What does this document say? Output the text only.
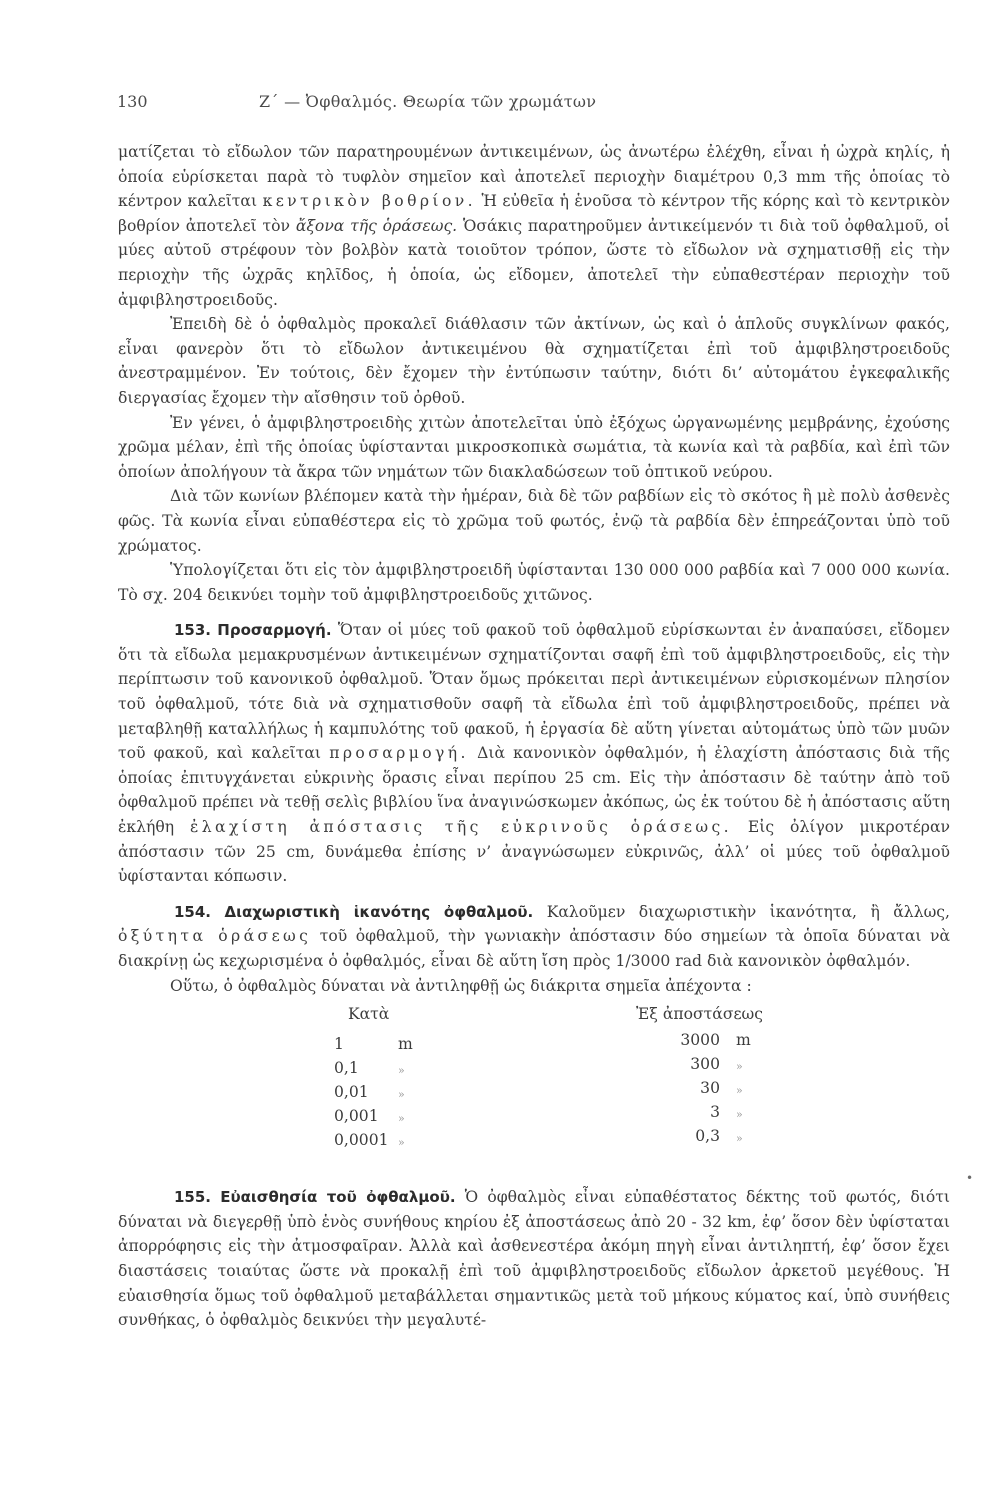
130	Ζ΄ — Ὀφθαλμός. Θεωρία τῶν χρωμάτων

ματίζεται τὸ εἴδωλον τῶν παρατηρουμένων ἀντικειμένων, ὡς ἀνωτέρω ἐλέχθη, εἶναι ἡ ὠχρὰ κηλίς, ἡ ὁποία εὑρίσκεται παρὰ τὸ τυφλὸν σημεῖον καὶ ἀποτελεῖ περιοχὴν διαμέτρου 0,3 mm τῆς ὁποίας τὸ κέντρον καλεῖται κεντρικὸν βοθρίον. Ἡ εὐθεῖα ἡ ἑνοῦσα τὸ κέντρον τῆς κόρης καὶ τὸ κεντρικὸν βοθρίον ἀποτελεῖ τὸν ἄξονα τῆς ὁράσεως. Ὁσάκις παρατηροῦμεν ἀντικείμενόν τι διὰ τοῦ ὀφθαλμοῦ, οἱ μύες αὐτοῦ στρέφουν τὸν βολβὸν κατὰ τοιοῦτον τρόπον, ὥστε τὸ εἴδωλον νὰ σχηματισθῇ εἰς τὴν περιοχὴν τῆς ὠχρᾶς κηλῖδος, ἡ ὁποία, ὡς εἴδομεν, ἀποτελεῖ τὴν εὐπαθεστέραν περιοχὴν τοῦ ἀμφιβληστροειδοῦς.

Ἐπειδὴ δὲ ὁ ὀφθαλμὸς προκαλεῖ διάθλασιν τῶν ἀκτίνων, ὡς καὶ ὁ ἁπλοῦς συγκλίνων φακός, εἶναι φανερὸν ὅτι τὸ εἴδωλον ἀντικειμένου θὰ σχηματίζεται ἐπὶ τοῦ ἀμφιβληστροειδοῦς ἀνεστραμμένον. Ἐν τούτοις, δὲν ἔχομεν τὴν ἐντύπωσιν ταύτην, διότι δι’ αὐτομάτου ἐγκεφαλικῆς διεργασίας ἔχομεν τὴν αἴσθησιν τοῦ ὀρθοῦ.

Ἐν γένει, ὁ ἀμφιβληστροειδὴς χιτὼν ἀποτελεῖται ὑπὸ ἐξόχως ὠργανωμένης μεμβράνης, ἐχούσης χρῶμα μέλαν, ἐπὶ τῆς ὁποίας ὑφίστανται μικροσκοπικὰ σωμάτια, τὰ κωνία καὶ τὰ ραβδία, καὶ ἐπὶ τῶν ὁποίων ἀπολήγουν τὰ ἄκρα τῶν νημάτων τῶν διακλαδώσεων τοῦ ὀπτικοῦ νεύρου.

Διὰ τῶν κωνίων βλέπομεν κατὰ τὴν ἡμέραν, διὰ δὲ τῶν ραβδίων εἰς τὸ σκότος ἢ μὲ πολὺ ἀσθενὲς φῶς. Τὰ κωνία εἶναι εὐπαθέστερα εἰς τὸ χρῶμα τοῦ φωτός, ἐνῷ τὰ ραβδία δὲν ἐπηρεάζονται ὑπὸ τοῦ χρώματος.

Ὑπολογίζεται ὅτι εἰς τὸν ἀμφιβληστροειδῆ ὑφίστανται 130 000 000 ραβδία καὶ 7 000 000 κωνία. Τὸ σχ. 204 δεικνύει τομὴν τοῦ ἀμφιβληστροειδοῦς χιτῶνος.

153. Προσαρμογή. Ὅταν οἱ μύες τοῦ φακοῦ τοῦ ὀφθαλμοῦ εὑρίσκωνται ἐν ἀναπαύσει, εἴδομεν ὅτι τὰ εἴδωλα μεμακρυσμένων ἀντικειμένων σχηματίζονται σαφῆ ἐπὶ τοῦ ἀμφιβληστροειδοῦς, εἰς τὴν περίπτωσιν τοῦ κανονικοῦ ὀφθαλμοῦ. Ὅταν ὅμως πρόκειται περὶ ἀντικειμένων εὑρισκομένων πλησίον τοῦ ὀφθαλμοῦ, τότε διὰ νὰ σχηματισθοῦν σαφῆ τὰ εἴδωλα ἐπὶ τοῦ ἀμφιβληστροειδοῦς, πρέπει νὰ μεταβληθῇ καταλλήλως ἡ καμπυλότης τοῦ φακοῦ, ἡ ἐργασία δὲ αὕτη γίνεται αὐτομάτως ὑπὸ τῶν μυῶν τοῦ φακοῦ, καὶ καλεῖται προσαρμογή. Διὰ κανονικὸν ὀφθαλμόν, ἡ ἐλαχίστη ἀπόστασις διὰ τῆς ὁποίας ἐπιτυγχάνεται εὐκρινὴς ὅρασις εἶναι περίπου 25 cm. Εἰς τὴν ἀπόστασιν δὲ ταύτην ἀπὸ τοῦ ὀφθαλμοῦ πρέπει νὰ τεθῇ σελὶς βιβλίου ἵνα ἀναγινώσκωμεν ἀκόπως, ὡς ἐκ τούτου δὲ ἡ ἀπόστασις αὕτη ἐκλήθη ἐλαχίστη ἀπόστασις τῆς εὐκρινοῦς ὁράσεως. Εἰς ὀλίγον μικροτέραν ἀπόστασιν τῶν 25 cm, δυνάμεθα ἐπίσης ν’ ἀναγνώσωμεν εὐκρινῶς, ἀλλ’ οἱ μύες τοῦ ὀφθαλμοῦ ὑφίστανται κόπωσιν.

154. Διαχωριστικὴ ἱκανότης ὀφθαλμοῦ. Καλοῦμεν διαχωριστικὴν ἱκανότητα, ἢ ἄλλως, ὀξύτητα ὁράσεως τοῦ ὀφθαλμοῦ, τὴν γωνιακὴν ἀπόστασιν δύο σημείων τὰ ὁποῖα δύναται νὰ διακρίνῃ ὡς κεχωρισμένα ὁ ὀφθαλμός, εἶναι δὲ αὕτη ἴση πρὸς 1/3000 rad διὰ κανονικὸν ὀφθαλμόν.

Οὕτω, ὁ ὀφθαλμὸς δύναται νὰ ἀντιληφθῇ ὡς διάκριτα σημεῖα ἀπέχοντα :

Κατὰ	Ἐξ ἀποστάσεως
1	m	3000 m
0,1	»	300 »
0,01	»	30 »
0,001 »	3 »
0,0001 »	0,3 »

155. Εὐαισθησία τοῦ ὀφθαλμοῦ. Ὁ ὀφθαλμὸς εἶναι εὐπαθέστατος δέκτης τοῦ φωτός, διότι δύναται νὰ διεγερθῇ ὑπὸ ἑνὸς συνήθους κηρίου ἐξ ἀποστάσεως ἀπὸ 20 - 32 km, ἐφ’ ὅσον δὲν ὑφίσταται ἀπορρόφησις εἰς τὴν ἀτμοσφαῖραν. Ἀλλὰ καὶ ἀσθενεστέρα ἀκόμη πηγὴ εἶναι ἀντιληπτή, ἐφ’ ὅσον ἔχει διαστάσεις τοιαύτας ὥστε νὰ προκαλῇ ἐπὶ τοῦ ἀμφιβληστροειδοῦς εἴδωλον ἀρκετοῦ μεγέθους. Ἡ εὐαισθησία ὅμως τοῦ ὀφθαλμοῦ μεταβάλλεται σημαντικῶς μετὰ τοῦ μήκους κύματος καί, ὑπὸ συνήθεις συνθήκας, ὁ ὀφθαλμὸς δεικνύει τὴν μεγαλυτέ-

•
